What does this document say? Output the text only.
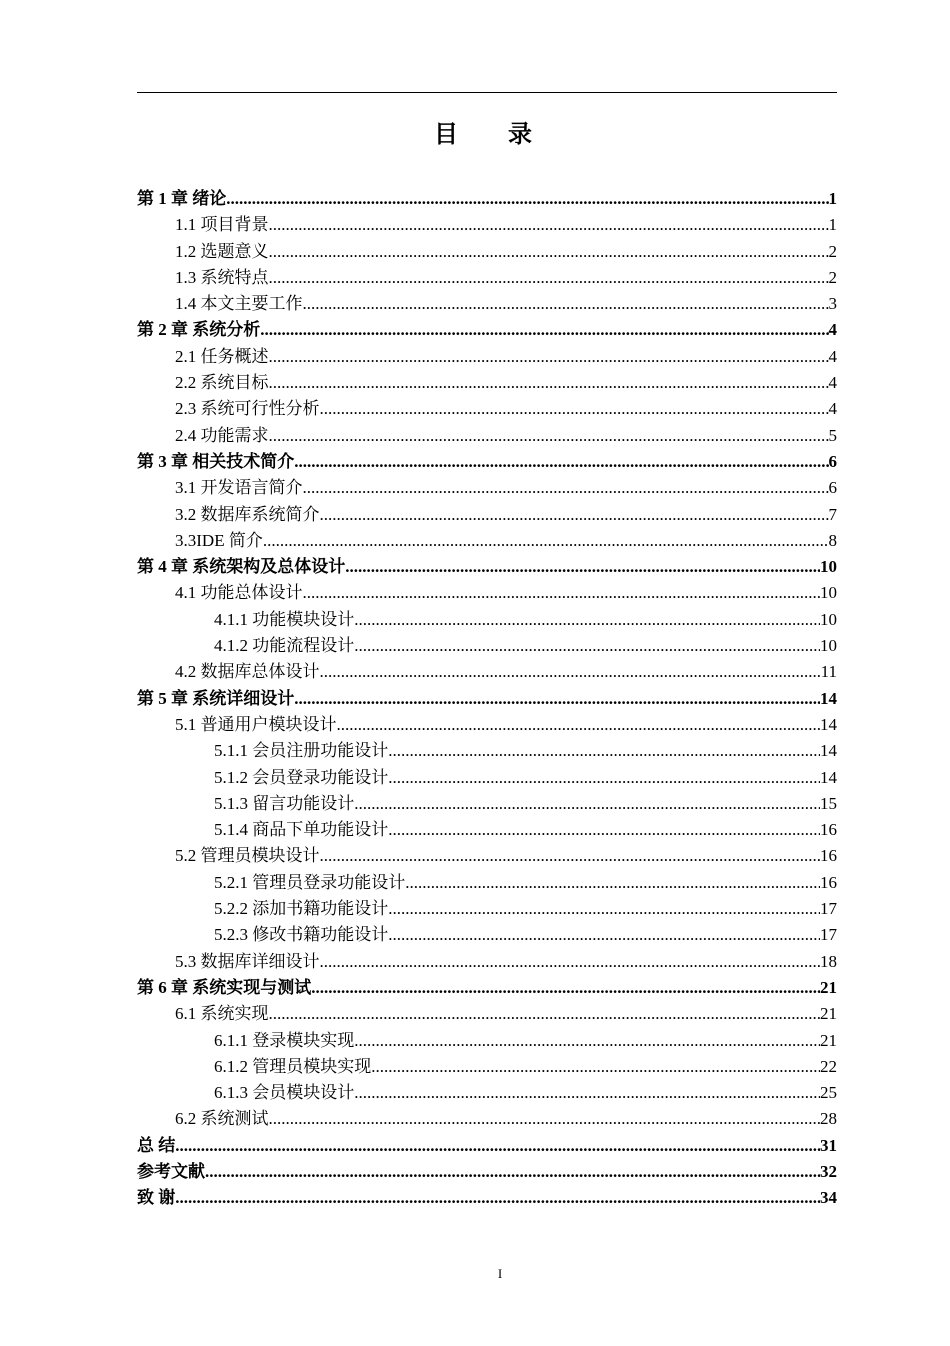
目 录
第 1 章 绪论 .....	1
1.1 项目背景 .....	1
1.2 选题意义 .....	2
1.3 系统特点 .....	2
1.4 本文主要工作 .....	3
第 2 章 系统分析 .....	4
2.1 任务概述 .....	4
2.2 系统目标 .....	4
2.3 系统可行性分析 .....	4
2.4 功能需求 .....	5
第 3 章 相关技术简介 .....	6
3.1 开发语言简介 .....	6
3.2 数据库系统简介 .....	7
3.3IDE 简介 .....	8
第 4 章 系统架构及总体设计 .....	10
4.1 功能总体设计 .....	10
4.1.1 功能模块设计 .....	10
4.1.2 功能流程设计 .....	10
4.2 数据库总体设计 .....	11
第 5 章 系统详细设计 .....	14
5.1 普通用户模块设计 .....	14
5.1.1 会员注册功能设计 .....	14
5.1.2 会员登录功能设计 .....	14
5.1.3 留言功能设计 .....	15
5.1.4 商品下单功能设计 .....	16
5.2 管理员模块设计 .....	16
5.2.1 管理员登录功能设计 .....	16
5.2.2 添加书籍功能设计 .....	17
5.2.3 修改书籍功能设计 .....	17
5.3 数据库详细设计 .....	18
第 6 章 系统实现与测试 .....	21
6.1 系统实现 .....	21
6.1.1 登录模块实现 .....	21
6.1.2 管理员模块实现 .....	22
6.1.3 会员模块设计 .....	25
6.2 系统测试 .....	28
总 结 .....	31
参考文献 .....	32
致 谢 .....	34
I
